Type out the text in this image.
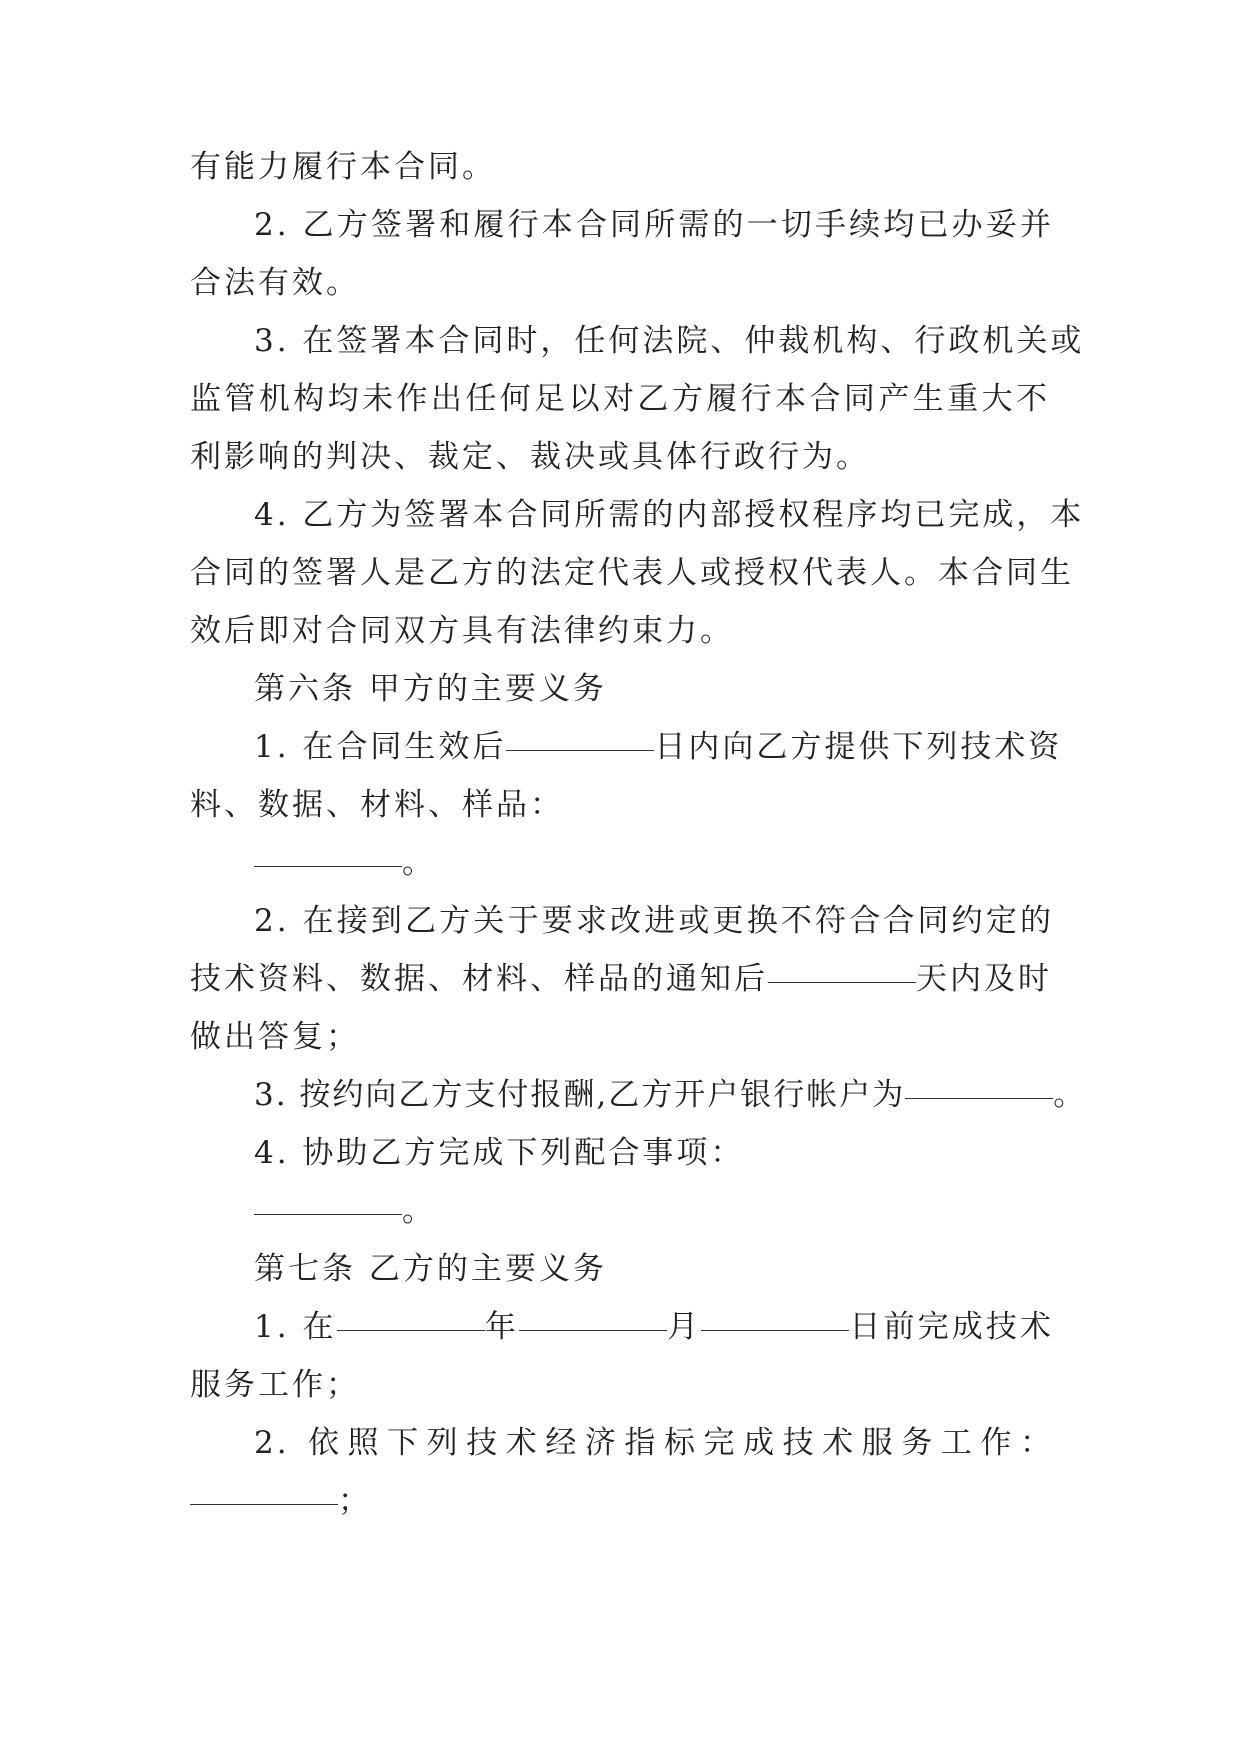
有能力履行本合同。
2. 乙方签署和履行本合同所需的一切手续均已办妥并
合法有效。
3. 在签署本合同时，任何法院、仲裁机构、行政机关或
监管机构均未作出任何足以对乙方履行本合同产生重大不
利影响的判决、裁定、裁决或具体行政行为。
4. 乙方为签署本合同所需的内部授权程序均已完成，本
合同的签署人是乙方的法定代表人或授权代表人。本合同生
效后即对合同双方具有法律约束力。
第六条 甲方的主要义务
1. 在合同生效后	日内向乙方提供下列技术资
料、数据、材料、样品：
。
2. 在接到乙方关于要求改进或更换不符合合同约定的
技术资料、数据、材料、样品的通知后	天内及时
做出答复；
3. 按约向乙方支付报酬,乙方开户银行帐户为	。
4. 协助乙方完成下列配合事项：
。
第七条 乙方的主要义务
1. 在	年	月	日前完成技术
服务工作；
2. 依照下列技术经济指标完成技术服务工作：
；
